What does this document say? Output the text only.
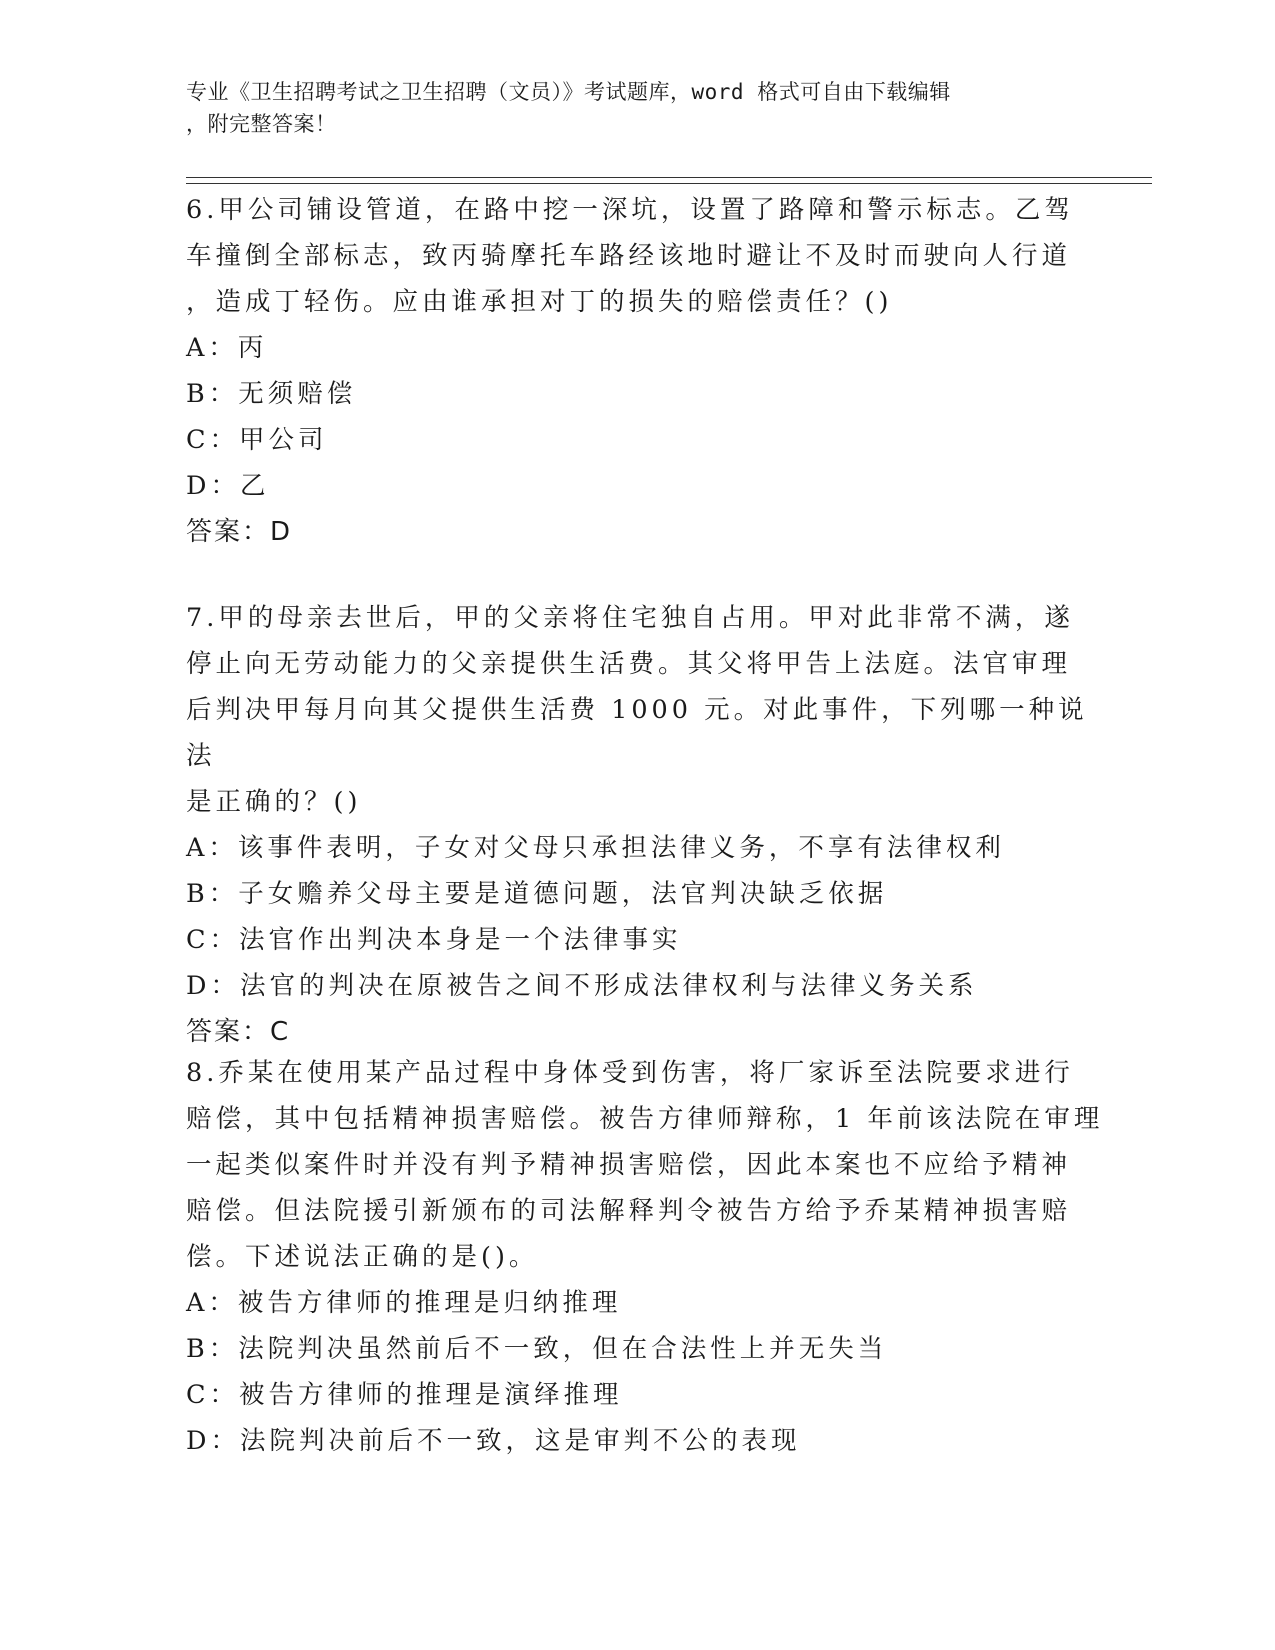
专业《卫生招聘考试之卫生招聘（文员）》考试题库，word 格式可自由下载编辑
，附完整答案！
6.甲公司铺设管道，在路中挖一深坑，设置了路障和警示标志。乙驾
车撞倒全部标志，致丙骑摩托车路经该地时避让不及时而驶向人行道
，造成丁轻伤。应由谁承担对丁的损失的赔偿责任？()
A：丙
B：无须赔偿
C：甲公司
D：乙
答案：D
7.甲的母亲去世后，甲的父亲将住宅独自占用。甲对此非常不满，遂
停止向无劳动能力的父亲提供生活费。其父将甲告上法庭。法官审理
后判决甲每月向其父提供生活费 1000 元。对此事件，下列哪一种说法
是正确的？()
A：该事件表明，子女对父母只承担法律义务，不享有法律权利
B：子女赡养父母主要是道德问题，法官判决缺乏依据
C：法官作出判决本身是一个法律事实
D：法官的判决在原被告之间不形成法律权利与法律义务关系
答案：C
8.乔某在使用某产品过程中身体受到伤害，将厂家诉至法院要求进行
赔偿，其中包括精神损害赔偿。被告方律师辩称，1 年前该法院在审理
一起类似案件时并没有判予精神损害赔偿，因此本案也不应给予精神
赔偿。但法院援引新颁布的司法解释判令被告方给予乔某精神损害赔
偿。下述说法正确的是()。
A：被告方律师的推理是归纳推理
B：法院判决虽然前后不一致，但在合法性上并无失当
C：被告方律师的推理是演绎推理
D：法院判决前后不一致，这是审判不公的表现
